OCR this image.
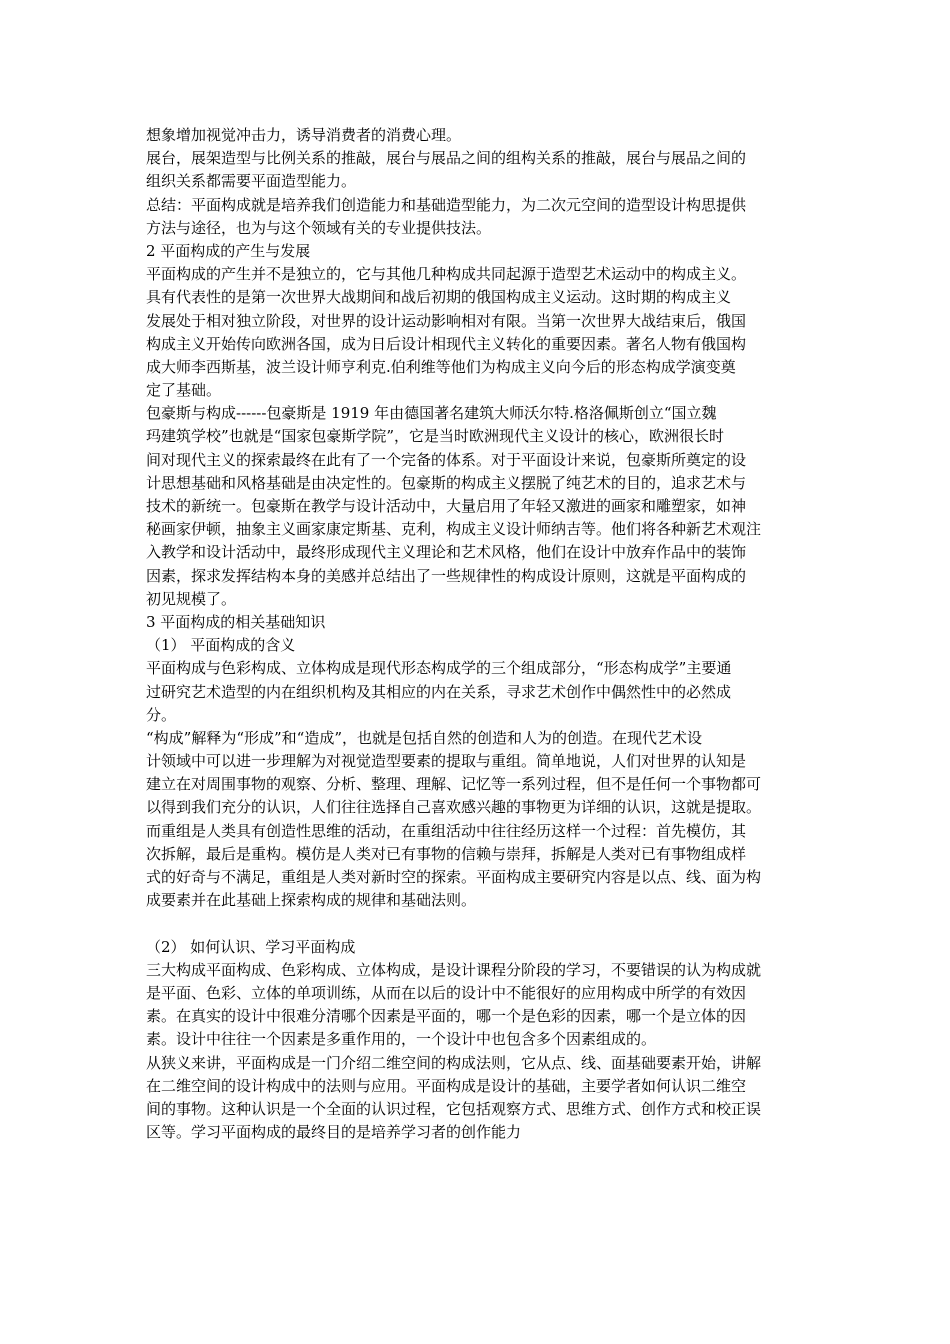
想象增加视觉冲击力，诱导消费者的消费心理。
展台，展架造型与比例关系的推敲，展台与展品之间的组构关系的推敲，展台与展品之间的
组织关系都需要平面造型能力。
总结：平面构成就是培养我们创造能力和基础造型能力，为二次元空间的造型设计构思提供
方法与途径，也为与这个领域有关的专业提供技法。
2 平面构成的产生与发展
平面构成的产生并不是独立的，它与其他几种构成共同起源于造型艺术运动中的构成主义。
具有代表性的是第一次世界大战期间和战后初期的俄国构成主义运动。这时期的构成主义
发展处于相对独立阶段，对世界的设计运动影响相对有限。当第一次世界大战结束后，俄国
构成主义开始传向欧洲各国，成为日后设计相现代主义转化的重要因素。著名人物有俄国构
成大师李西斯基，波兰设计师亨利克.伯利维等他们为构成主义向今后的形态构成学演变奠
定了基础。
包豪斯与构成------包豪斯是 1919 年由德国著名建筑大师沃尔特.格洛佩斯创立“国立魏
玛建筑学校”也就是“国家包豪斯学院”，它是当时欧洲现代主义设计的核心，欧洲很长时
间对现代主义的探索最终在此有了一个完备的体系。对于平面设计来说，包豪斯所奠定的设
计思想基础和风格基础是由决定性的。包豪斯的构成主义摆脱了纯艺术的目的，追求艺术与
技术的新统一。包豪斯在教学与设计活动中，大量启用了年轻又激进的画家和雕塑家，如神
秘画家伊顿，抽象主义画家康定斯基、克利，构成主义设计师纳吉等。他们将各种新艺术观注
入教学和设计活动中，最终形成现代主义理论和艺术风格，他们在设计中放弃作品中的装饰
因素，探求发挥结构本身的美感并总结出了一些规律性的构成设计原则，这就是平面构成的
初见规模了。
3 平面构成的相关基础知识
（1） 平面构成的含义
平面构成与色彩构成、立体构成是现代形态构成学的三个组成部分，“形态构成学”主要通
过研究艺术造型的内在组织机构及其相应的内在关系，寻求艺术创作中偶然性中的必然成
分。
“构成”解释为“形成”和“造成”，也就是包括自然的创造和人为的创造。在现代艺术设
计领域中可以进一步理解为对视觉造型要素的提取与重组。简单地说，人们对世界的认知是
建立在对周围事物的观察、分析、整理、理解、记忆等一系列过程，但不是任何一个事物都可
以得到我们充分的认识，人们往往选择自己喜欢感兴趣的事物更为详细的认识，这就是提取。
而重组是人类具有创造性思维的活动，在重组活动中往往经历这样一个过程：首先模仿，其
次拆解，最后是重构。模仿是人类对已有事物的信赖与崇拜，拆解是人类对已有事物组成样
式的好奇与不满足，重组是人类对新时空的探索。平面构成主要研究内容是以点、线、面为构
成要素并在此基础上探索构成的规律和基础法则。
（2） 如何认识、学习平面构成
三大构成平面构成、色彩构成、立体构成，是设计课程分阶段的学习，不要错误的认为构成就
是平面、色彩、立体的单项训练，从而在以后的设计中不能很好的应用构成中所学的有效因
素。在真实的设计中很难分清哪个因素是平面的，哪一个是色彩的因素，哪一个是立体的因
素。设计中往往一个因素是多重作用的，一个设计中也包含多个因素组成的。
从狭义来讲，平面构成是一门介绍二维空间的构成法则，它从点、线、面基础要素开始，讲解
在二维空间的设计构成中的法则与应用。平面构成是设计的基础，主要学者如何认识二维空
间的事物。这种认识是一个全面的认识过程，它包括观察方式、思维方式、创作方式和校正误
区等。学习平面构成的最终目的是培养学习者的创作能力
